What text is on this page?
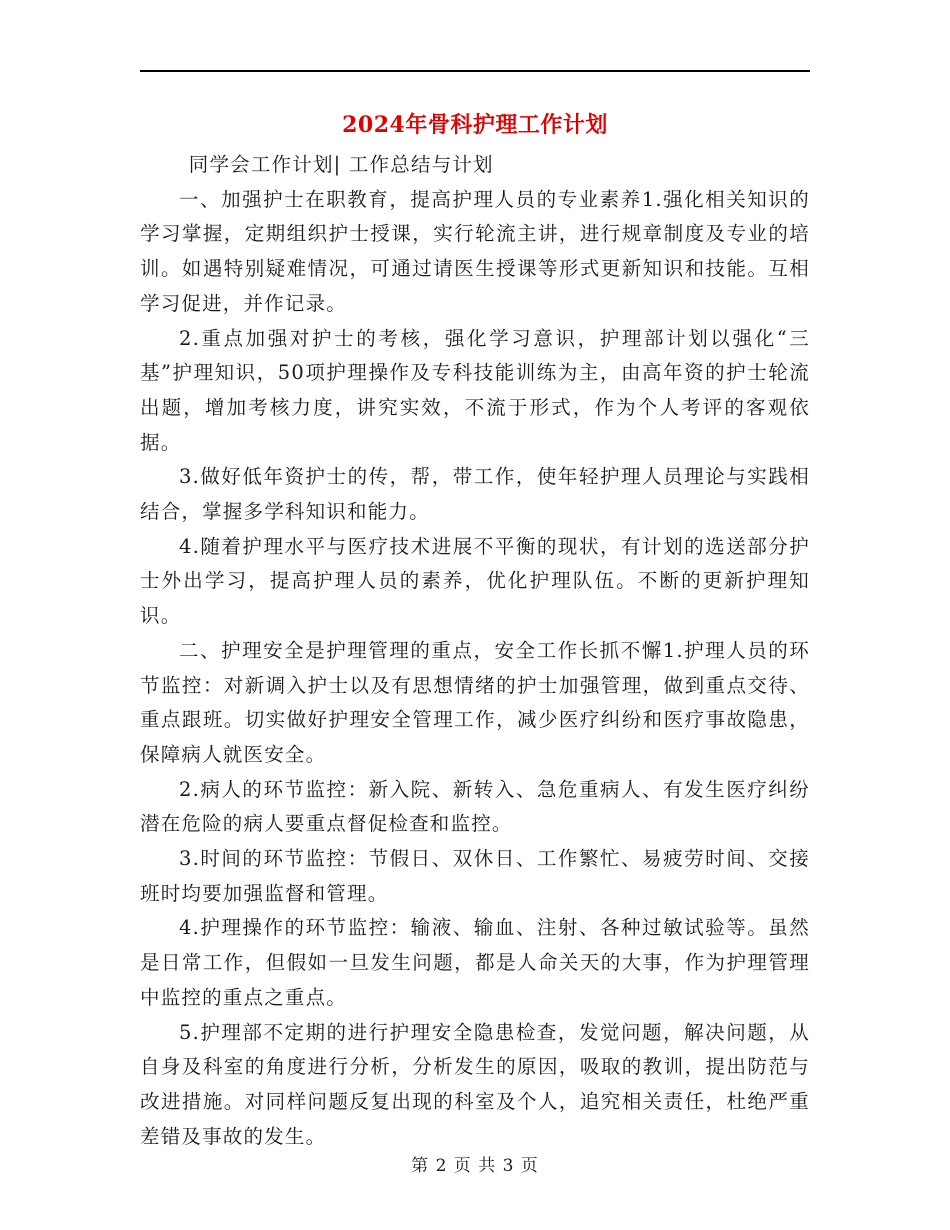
2024年骨科护理工作计划

同学会工作计划| 工作总结与计划

一、加强护士在职教育，提高护理人员的专业素养1.强化相关知识的学习掌握，定期组织护士授课，实行轮流主讲，进行规章制度及专业的培训。如遇特别疑难情况，可通过请医生授课等形式更新知识和技能。互相学习促进，并作记录。

2.重点加强对护士的考核，强化学习意识，护理部计划以强化“三基”护理知识，50项护理操作及专科技能训练为主，由高年资的护士轮流出题，增加考核力度，讲究实效，不流于形式，作为个人考评的客观依据。

3.做好低年资护士的传，帮，带工作，使年轻护理人员理论与实践相结合，掌握多学科知识和能力。

4.随着护理水平与医疗技术进展不平衡的现状，有计划的选送部分护士外出学习，提高护理人员的素养，优化护理队伍。不断的更新护理知识。

二、护理安全是护理管理的重点，安全工作长抓不懈1.护理人员的环节监控：对新调入护士以及有思想情绪的护士加强管理，做到重点交待、重点跟班。切实做好护理安全管理工作，减少医疗纠纷和医疗事故隐患，保障病人就医安全。

2.病人的环节监控：新入院、新转入、急危重病人、有发生医疗纠纷潜在危险的病人要重点督促检查和监控。

3.时间的环节监控：节假日、双休日、工作繁忙、易疲劳时间、交接班时均要加强监督和管理。

4.护理操作的环节监控：输液、输血、注射、各种过敏试验等。虽然是日常工作，但假如一旦发生问题，都是人命关天的大事，作为护理管理中监控的重点之重点。

5.护理部不定期的进行护理安全隐患检查，发觉问题，解决问题，从自身及科室的角度进行分析，分析发生的原因，吸取的教训，提出防范与改进措施。对同样问题反复出现的科室及个人，追究相关责任，杜绝严重差错及事故的发生。

第 2 页 共 3 页
